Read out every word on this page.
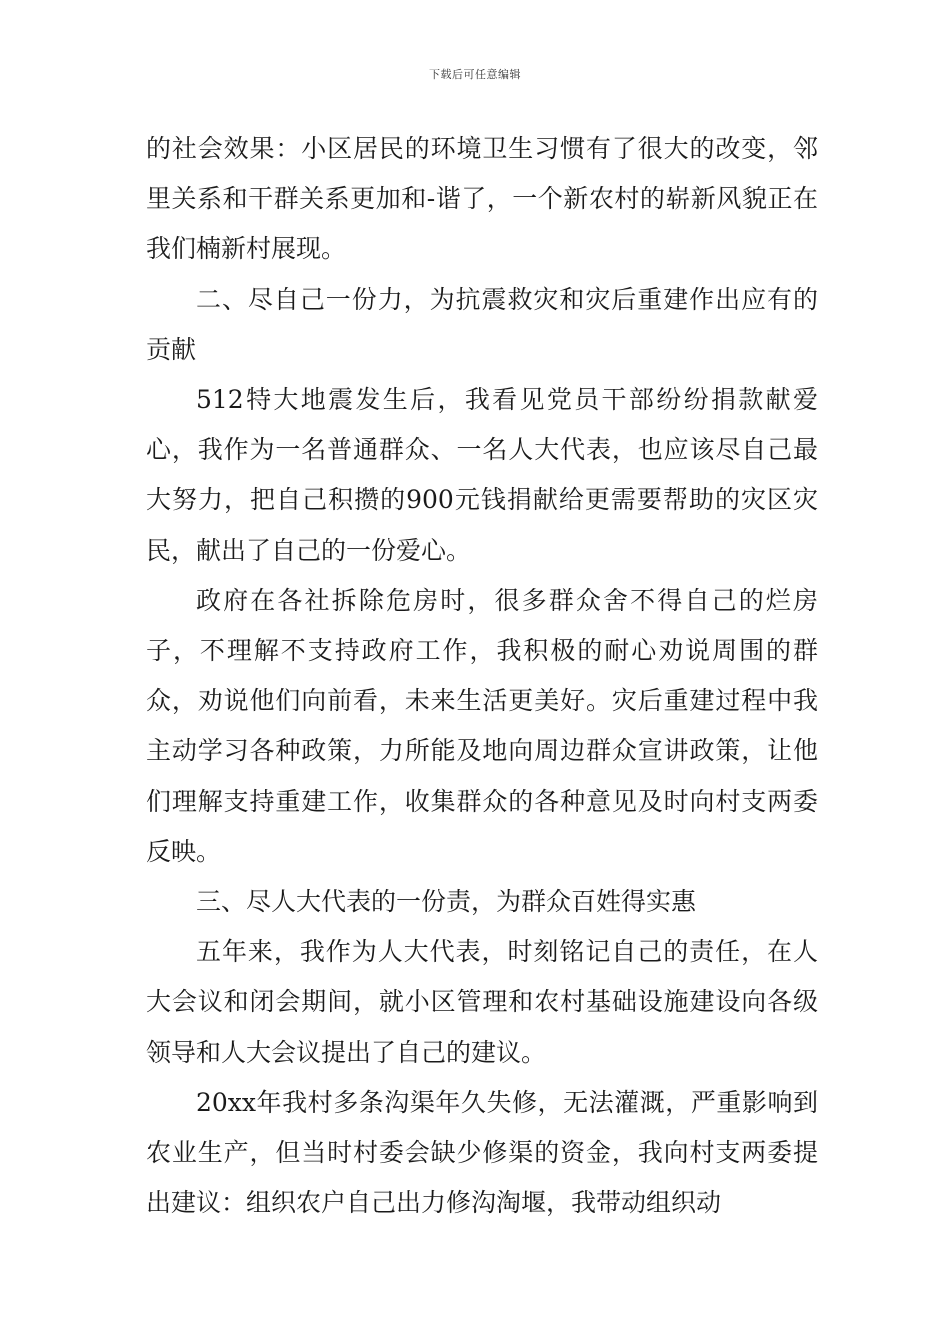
下载后可任意编辑

的社会效果：小区居民的环境卫生习惯有了很大的改变，邻里关系和干群关系更加和-谐了，一个新农村的崭新风貌正在我们楠新村展现。

二、尽自己一份力，为抗震救灾和灾后重建作出应有的贡献

512特大地震发生后，我看见党员干部纷纷捐款献爱心，我作为一名普通群众、一名人大代表，也应该尽自己最大努力，把自己积攒的900元钱捐献给更需要帮助的灾区灾民，献出了自己的一份爱心。

政府在各社拆除危房时，很多群众舍不得自己的烂房子，不理解不支持政府工作，我积极的耐心劝说周围的群众，劝说他们向前看，未来生活更美好。灾后重建过程中我主动学习各种政策，力所能及地向周边群众宣讲政策，让他们理解支持重建工作，收集群众的各种意见及时向村支两委反映。

三、尽人大代表的一份责，为群众百姓得实惠

五年来，我作为人大代表，时刻铭记自己的责任，在人大会议和闭会期间，就小区管理和农村基础设施建设向各级领导和人大会议提出了自己的建议。

20xx年我村多条沟渠年久失修，无法灌溉，严重影响到农业生产，但当时村委会缺少修渠的资金，我向村支两委提出建议：组织农户自己出力修沟淘堰，我带动组织动
